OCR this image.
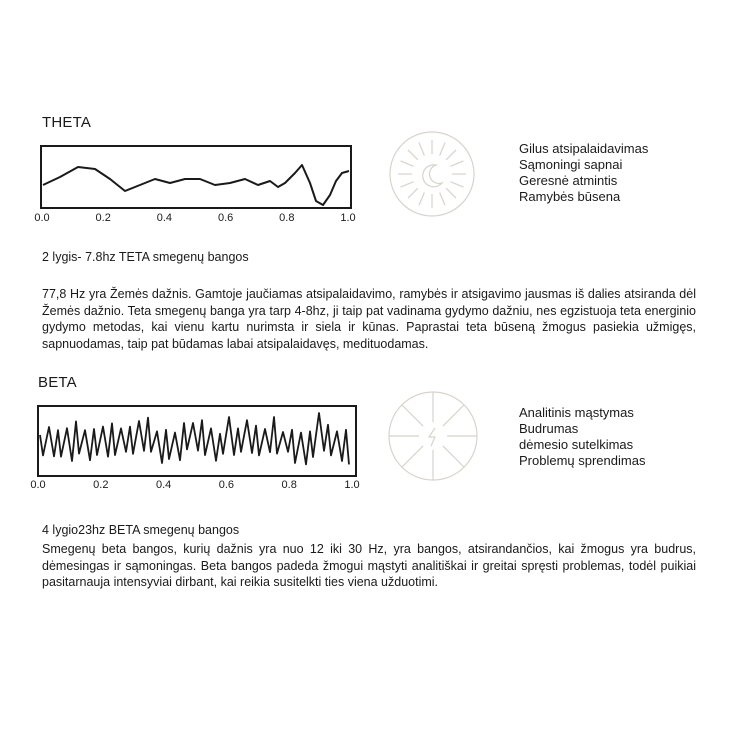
THETA
0.0	0.2	0.4	0.6	0.8	1.0
Gilus atsipalaidavimas
Sąmoningi sapnai
Geresnė atmintis
Ramybės būsena
2 lygis- 7.8hz TETA smegenų bangos
77,8 Hz yra Žemės dažnis. Gamtoje jaučiamas atsipalaidavimo, ramybės ir atsigavimo jausmas iš dalies atsiranda dėl Žemės dažnio. Teta smegenų banga yra tarp 4-8hz, ji taip pat vadinama gydymo dažniu, nes egzistuoja teta energinio gydymo metodas, kai vienu kartu nurimsta ir siela ir kūnas. Paprastai teta būseną žmogus pasiekia užmigęs, sapnuodamas, taip pat būdamas labai atsipalaidavęs, medituodamas.
BETA
0.0	0.2	0.4	0.6	0.8	1.0
Analitinis mąstymas
Budrumas
dėmesio sutelkimas
Problemų sprendimas
4 lygio23hz BETA smegenų bangos
Smegenų beta bangos, kurių dažnis yra nuo 12 iki 30 Hz, yra bangos, atsirandančios, kai žmogus yra budrus, dėmesingas ir sąmoningas. Beta bangos padeda žmogui mąstyti analitiškai ir greitai spręsti problemas, todėl puikiai pasitarnauja intensyviai dirbant, kai reikia susitelkti ties viena užduotimi.
